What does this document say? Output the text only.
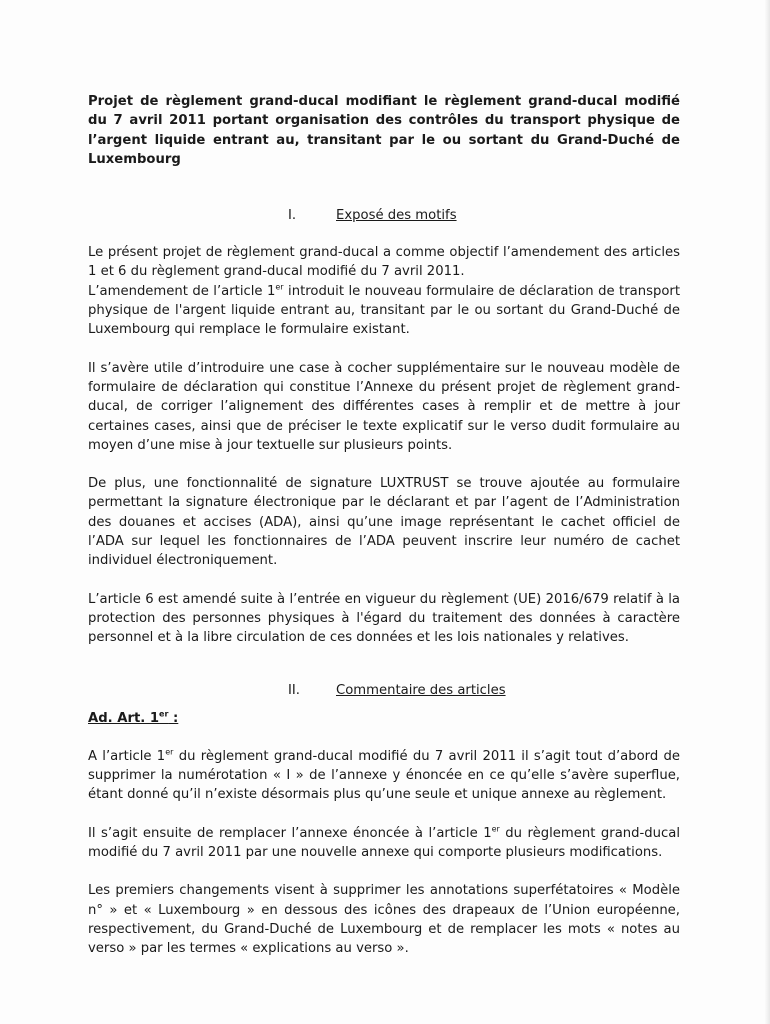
Projet de règlement grand-ducal modifiant le règlement grand-ducal modifié du 7 avril 2011 portant organisation des contrôles du transport physique de l’argent liquide entrant au, transitant par le ou sortant du Grand-Duché de Luxembourg

I.	Exposé des motifs

Le présent projet de règlement grand-ducal a comme objectif l’amendement des articles 1 et 6 du règlement grand-ducal modifié du 7 avril 2011.

L’amendement de l’article 1er introduit le nouveau formulaire de déclaration de transport physique de l'argent liquide entrant au, transitant par le ou sortant du Grand-Duché de Luxembourg qui remplace le formulaire existant.

Il s’avère utile d’introduire une case à cocher supplémentaire sur le nouveau modèle de formulaire de déclaration qui constitue l’Annexe du présent projet de règlement grand-ducal, de corriger l’alignement des différentes cases à remplir et de mettre à jour certaines cases, ainsi que de préciser le texte explicatif sur le verso dudit formulaire au moyen d’une mise à jour textuelle sur plusieurs points.

De plus, une fonctionnalité de signature LUXTRUST se trouve ajoutée au formulaire permettant la signature électronique par le déclarant et par l’agent de l’Administration des douanes et accises (ADA), ainsi qu’une image représentant le cachet officiel de l’ADA sur lequel les fonctionnaires de l’ADA peuvent inscrire leur numéro de cachet individuel électroniquement.

L’article 6 est amendé suite à l’entrée en vigueur du règlement (UE) 2016/679 relatif à la protection des personnes physiques à l'égard du traitement des données à caractère personnel et à la libre circulation de ces données et les lois nationales y relatives.

II.	Commentaire des articles

Ad. Art. 1er :

A l’article 1er du règlement grand-ducal modifié du 7 avril 2011 il s’agit tout d’abord de supprimer la numérotation « I » de l’annexe y énoncée en ce qu’elle s’avère superflue, étant donné qu’il n’existe désormais plus qu’une seule et unique annexe au règlement.

Il s’agit ensuite de remplacer l’annexe énoncée à l’article 1er du règlement grand-ducal modifié du 7 avril 2011 par une nouvelle annexe qui comporte plusieurs modifications.

Les premiers changements visent à supprimer les annotations superfétatoires « Modèle n° » et « Luxembourg » en dessous des icônes des drapeaux de l’Union européenne, respectivement, du Grand-Duché de Luxembourg et de remplacer les mots « notes au verso » par les termes « explications au verso ».
